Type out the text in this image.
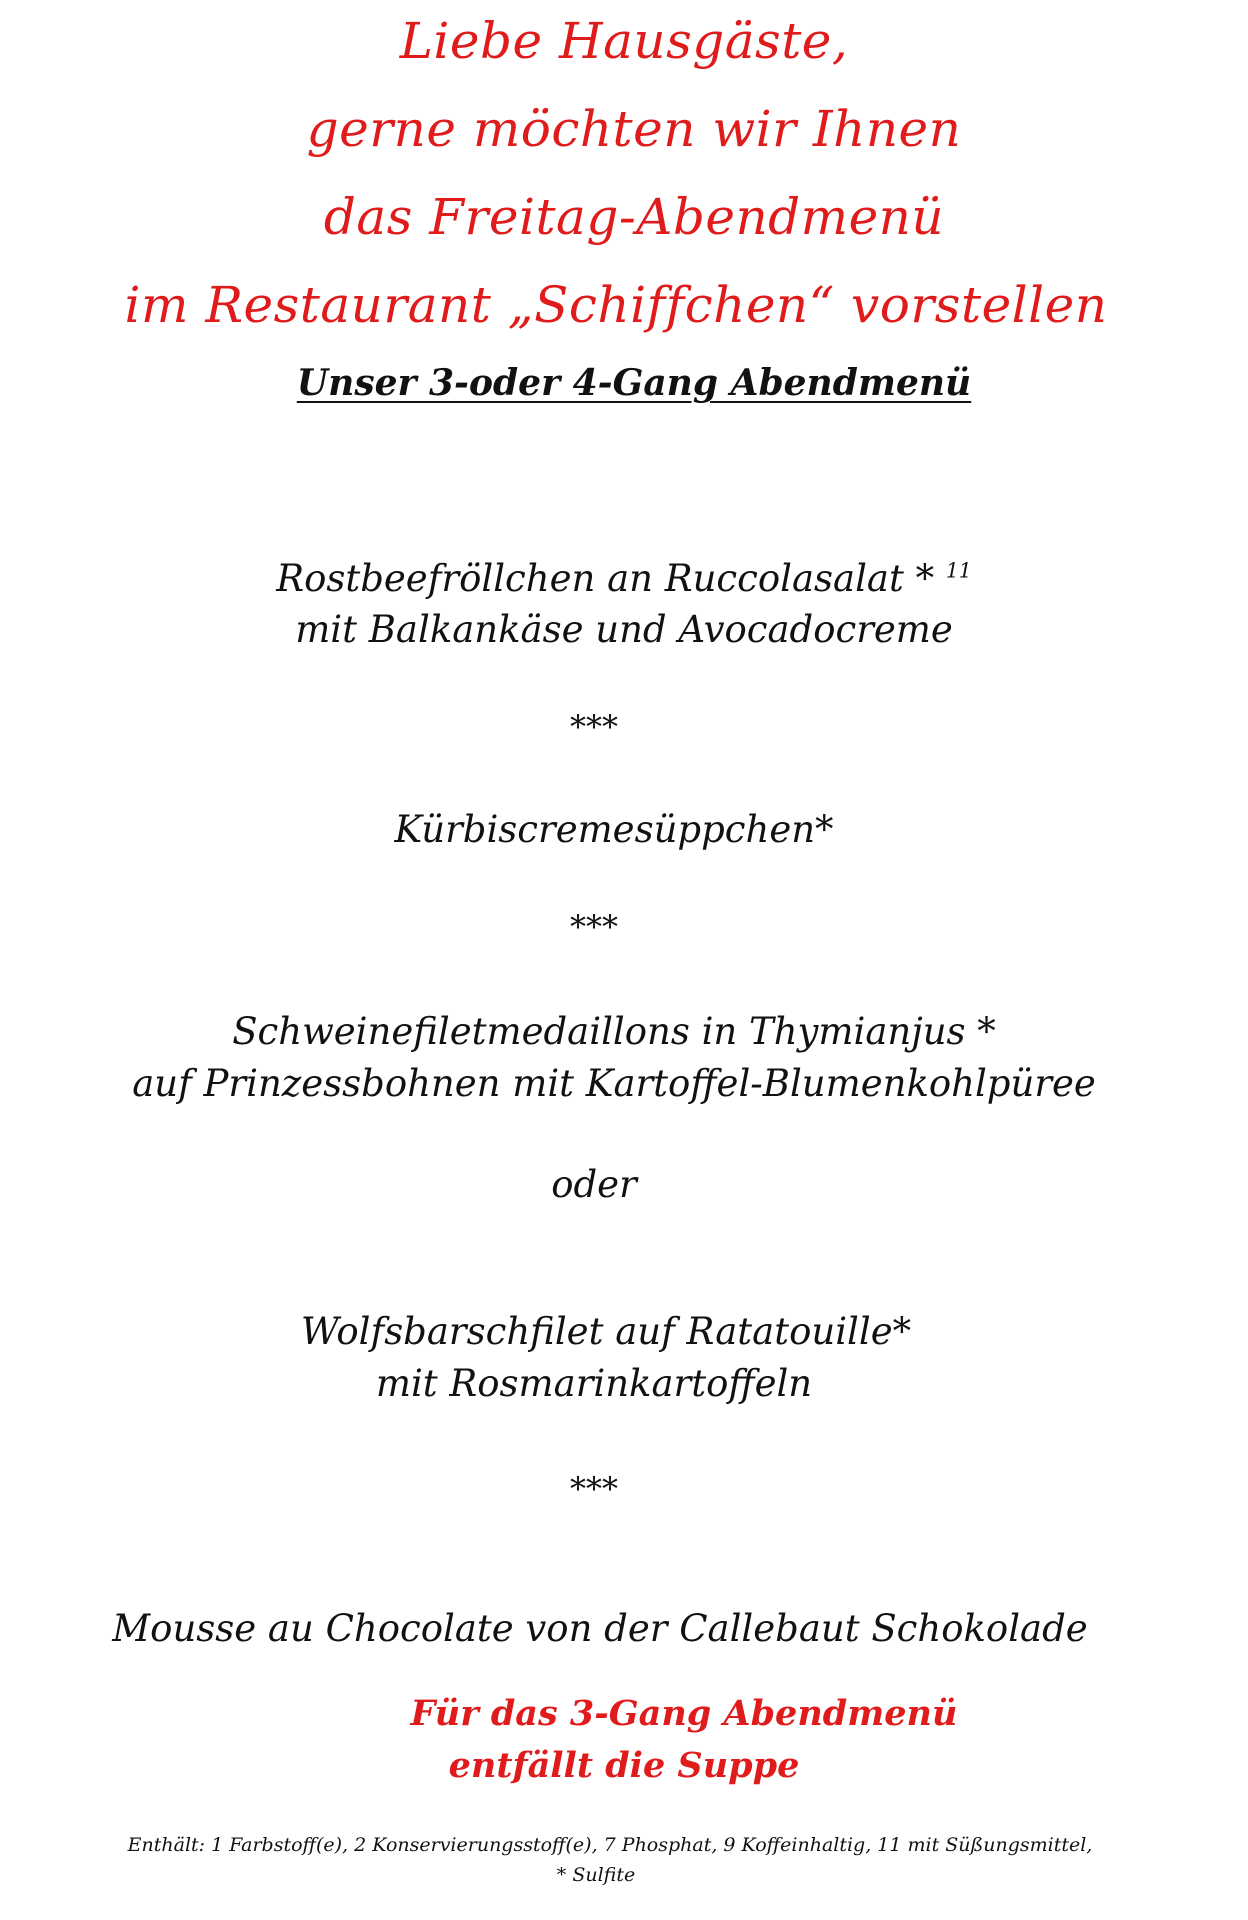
Liebe Hausgäste,
gerne möchten wir Ihnen
das Freitag-Abendmenü
im Restaurant „Schiffchen“ vorstellen
Unser 3-oder 4-Gang Abendmenü
Rostbeefröllchen an Ruccolasalat * $^{11}$
mit Balkankäse und Avocadocreme
***
Kürbiscremesüppchen*
***
Schweinefiletmedaillons in Thymianjus *
auf Prinzessbohnen mit Kartoffel-Blumenkohlpüree
oder
Wolfsbarschfilet auf Ratatouille*
mit Rosmarinkartoffeln
***
Mousse au Chocolate von der Callebaut Schokolade
Für das 3-Gang Abendmenü
entfällt die Suppe
Enthält: 1 Farbstoff(e), 2 Konservierungsstoff(e), 7 Phosphat, 9 Koffeinhaltig, 11 mit Süßungsmittel,
* Sulfite
